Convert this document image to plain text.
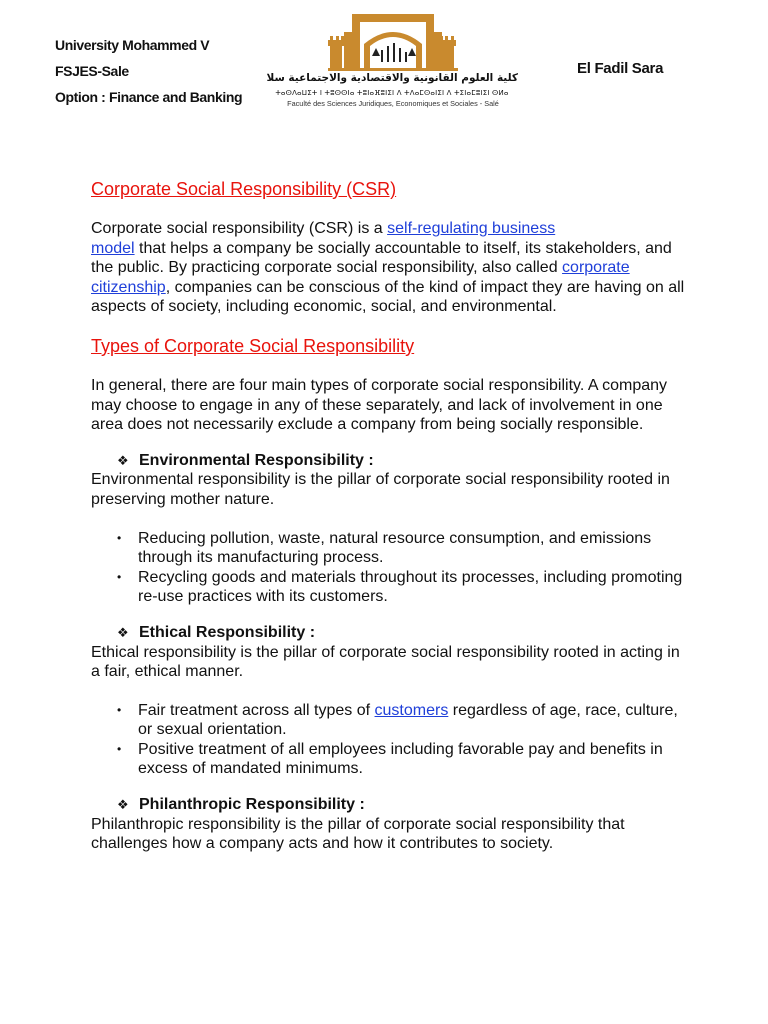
University Mohammed V
FSJES-Sale
Option : Finance and Banking
كلية العلوم القانونية والاقتصادية والاجتماعية سلا
ⵜⴰⵙⴷⴰⵡⵉⵜ ⵏ ⵜⵓⵙⵙⵏⴰ ⵜⵓⵏⴰⴼⵓⵏⵉⵏ ⴷ ⵜⴷⴰⵎⵙⴰⵏⵉⵏ ⴷ ⵜⵉⵏⴰⵎⵓⵏⵉⵏ ⵙⵍⴰ
Faculté des Sciences Juridiques, Economiques et Sociales - Salé
El Fadil Sara
Corporate Social Responsibility (CSR)

Corporate social responsibility (CSR) is a self-regulating business
model that helps a company be socially accountable to itself, its stakeholders, and the public. By practicing corporate social responsibility, also called corporate citizenship, companies can be conscious of the kind of impact they are having on all aspects of society, including economic, social, and environmental.

Types of Corporate Social Responsibility

In general, there are four main types of corporate social responsibility. A company may choose to engage in any of these separately, and lack of involvement in one area does not necessarily exclude a company from being socially responsible.

❖ Environmental Responsibility :

Environmental responsibility is the pillar of corporate social responsibility rooted in preserving mother nature.

• Reducing pollution, waste, natural resource consumption, and emissions through its manufacturing process.
• Recycling goods and materials throughout its processes, including promoting re-use practices with its customers.
❖ Ethical Responsibility :

Ethical responsibility is the pillar of corporate social responsibility rooted in acting in a fair, ethical manner.

• Fair treatment across all types of customers regardless of age, race, culture, or sexual orientation.
• Positive treatment of all employees including favorable pay and benefits in excess of mandated minimums.
❖ Philanthropic Responsibility :

Philanthropic responsibility is the pillar of corporate social responsibility that challenges how a company acts and how it contributes to society.
